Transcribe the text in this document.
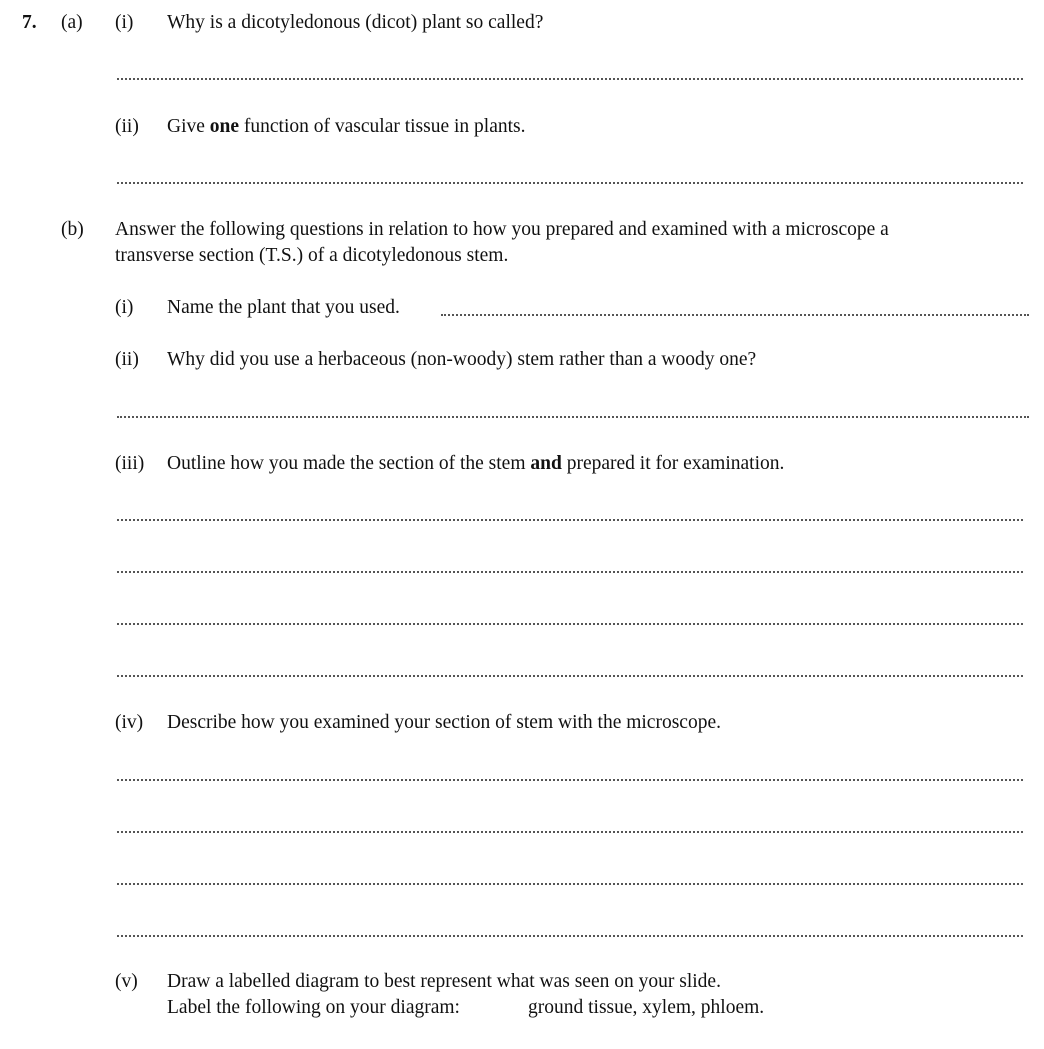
7. (a) (i) Why is a dicotyledonous (dicot) plant so called?
(ii) Give one function of vascular tissue in plants.
(b) Answer the following questions in relation to how you prepared and examined with a microscope a
transverse section (T.S.) of a dicotyledonous stem.
(i) Name the plant that you used.
(ii) Why did you use a herbaceous (non-woody) stem rather than a woody one?
(iii) Outline how you made the section of the stem and prepared it for examination.
(iv) Describe how you examined your section of stem with the microscope.
(v) Draw a labelled diagram to best represent what was seen on your slide.
Label the following on your diagram:	ground tissue, xylem, phloem.
